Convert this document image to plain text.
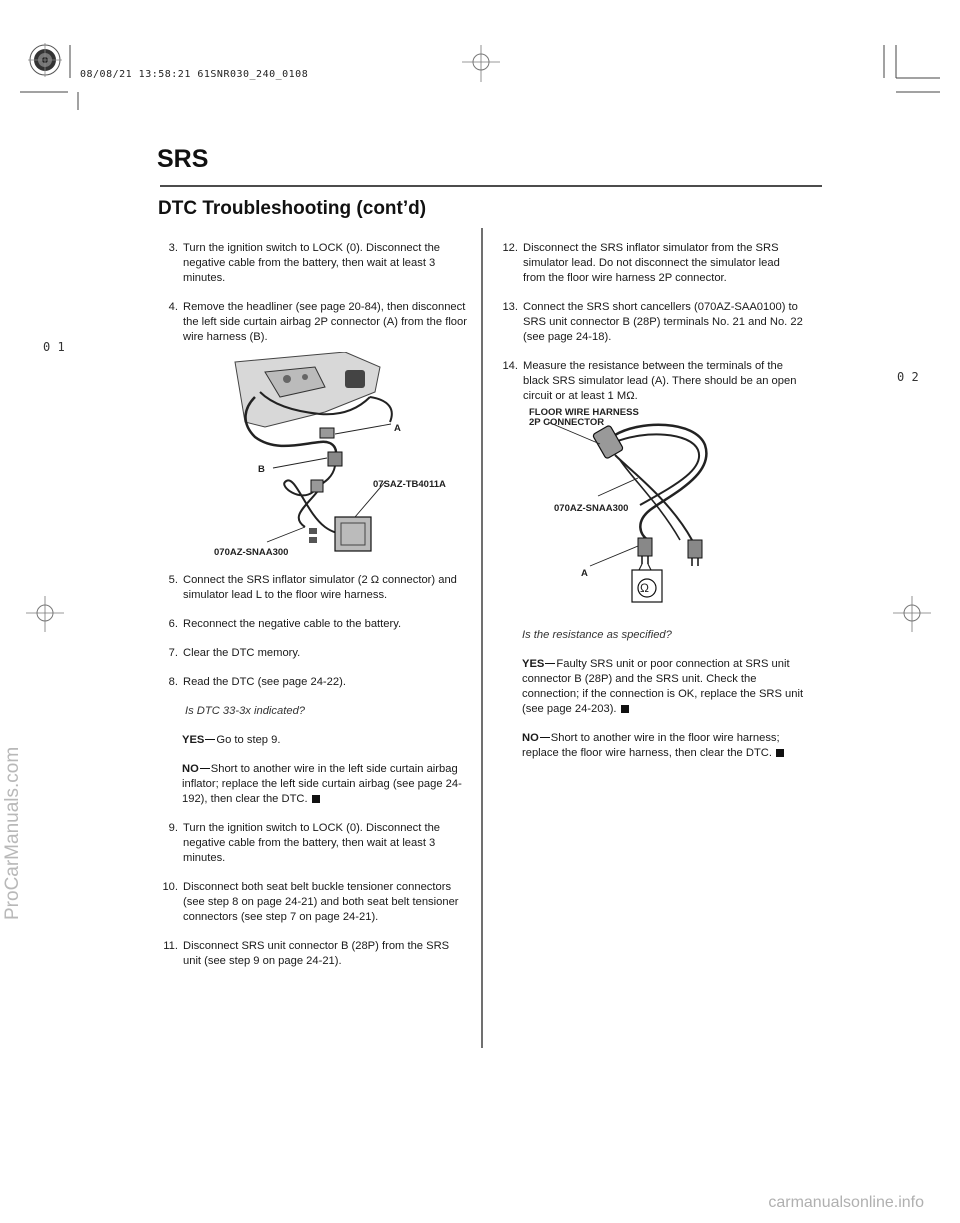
08/08/21 13:58:21 61SNR030_240_0108
0 1
0 2
SRS
DTC Troubleshooting (cont’d)
3. Turn the ignition switch to LOCK (0). Disconnect the negative cable from the battery, then wait at least 3 minutes.
4. Remove the headliner (see page 20-84), then disconnect the left side curtain airbag 2P connector (A) from the floor wire harness (B).
A
B
07SAZ-TB4011A
070AZ-SNAA300
5. Connect the SRS inflator simulator (2 Ω connector) and simulator lead L to the floor wire harness.
6. Reconnect the negative cable to the battery.
7. Clear the DTC memory.
8. Read the DTC (see page 24-22).
Is DTC 33-3x indicated?
YES Go to step 9.
NO Short to another wire in the left side curtain airbag inflator; replace the left side curtain airbag (see page 24-192), then clear the DTC.
9. Turn the ignition switch to LOCK (0). Disconnect the negative cable from the battery, then wait at least 3 minutes.
10. Disconnect both seat belt buckle tensioner connectors (see step 8 on page 24-21) and both seat belt tensioner connectors (see step 7 on page 24-21).
11. Disconnect SRS unit connector B (28P) from the SRS unit (see step 9 on page 24-21).
12. Disconnect the SRS inflator simulator from the SRS simulator lead. Do not disconnect the simulator lead from the floor wire harness 2P connector.
13. Connect the SRS short cancellers (070AZ-SAA0100) to SRS unit connector B (28P) terminals No. 21 and No. 22 (see page 24-18).
14. Measure the resistance between the terminals of the black SRS simulator lead (A). There should be an open circuit or at least 1 MΩ.
Ω
FLOOR WIRE HARNESS
2P CONNECTOR
070AZ-SNAA300
A
Is the resistance as specified?
YES Faulty SRS unit or poor connection at SRS unit connector B (28P) and the SRS unit. Check the connection; if the connection is OK, replace the SRS unit (see page 24-203).
NO Short to another wire in the floor wire harness; replace the floor wire harness, then clear the DTC.
ProCarManuals.com
carmanualsonline.info
